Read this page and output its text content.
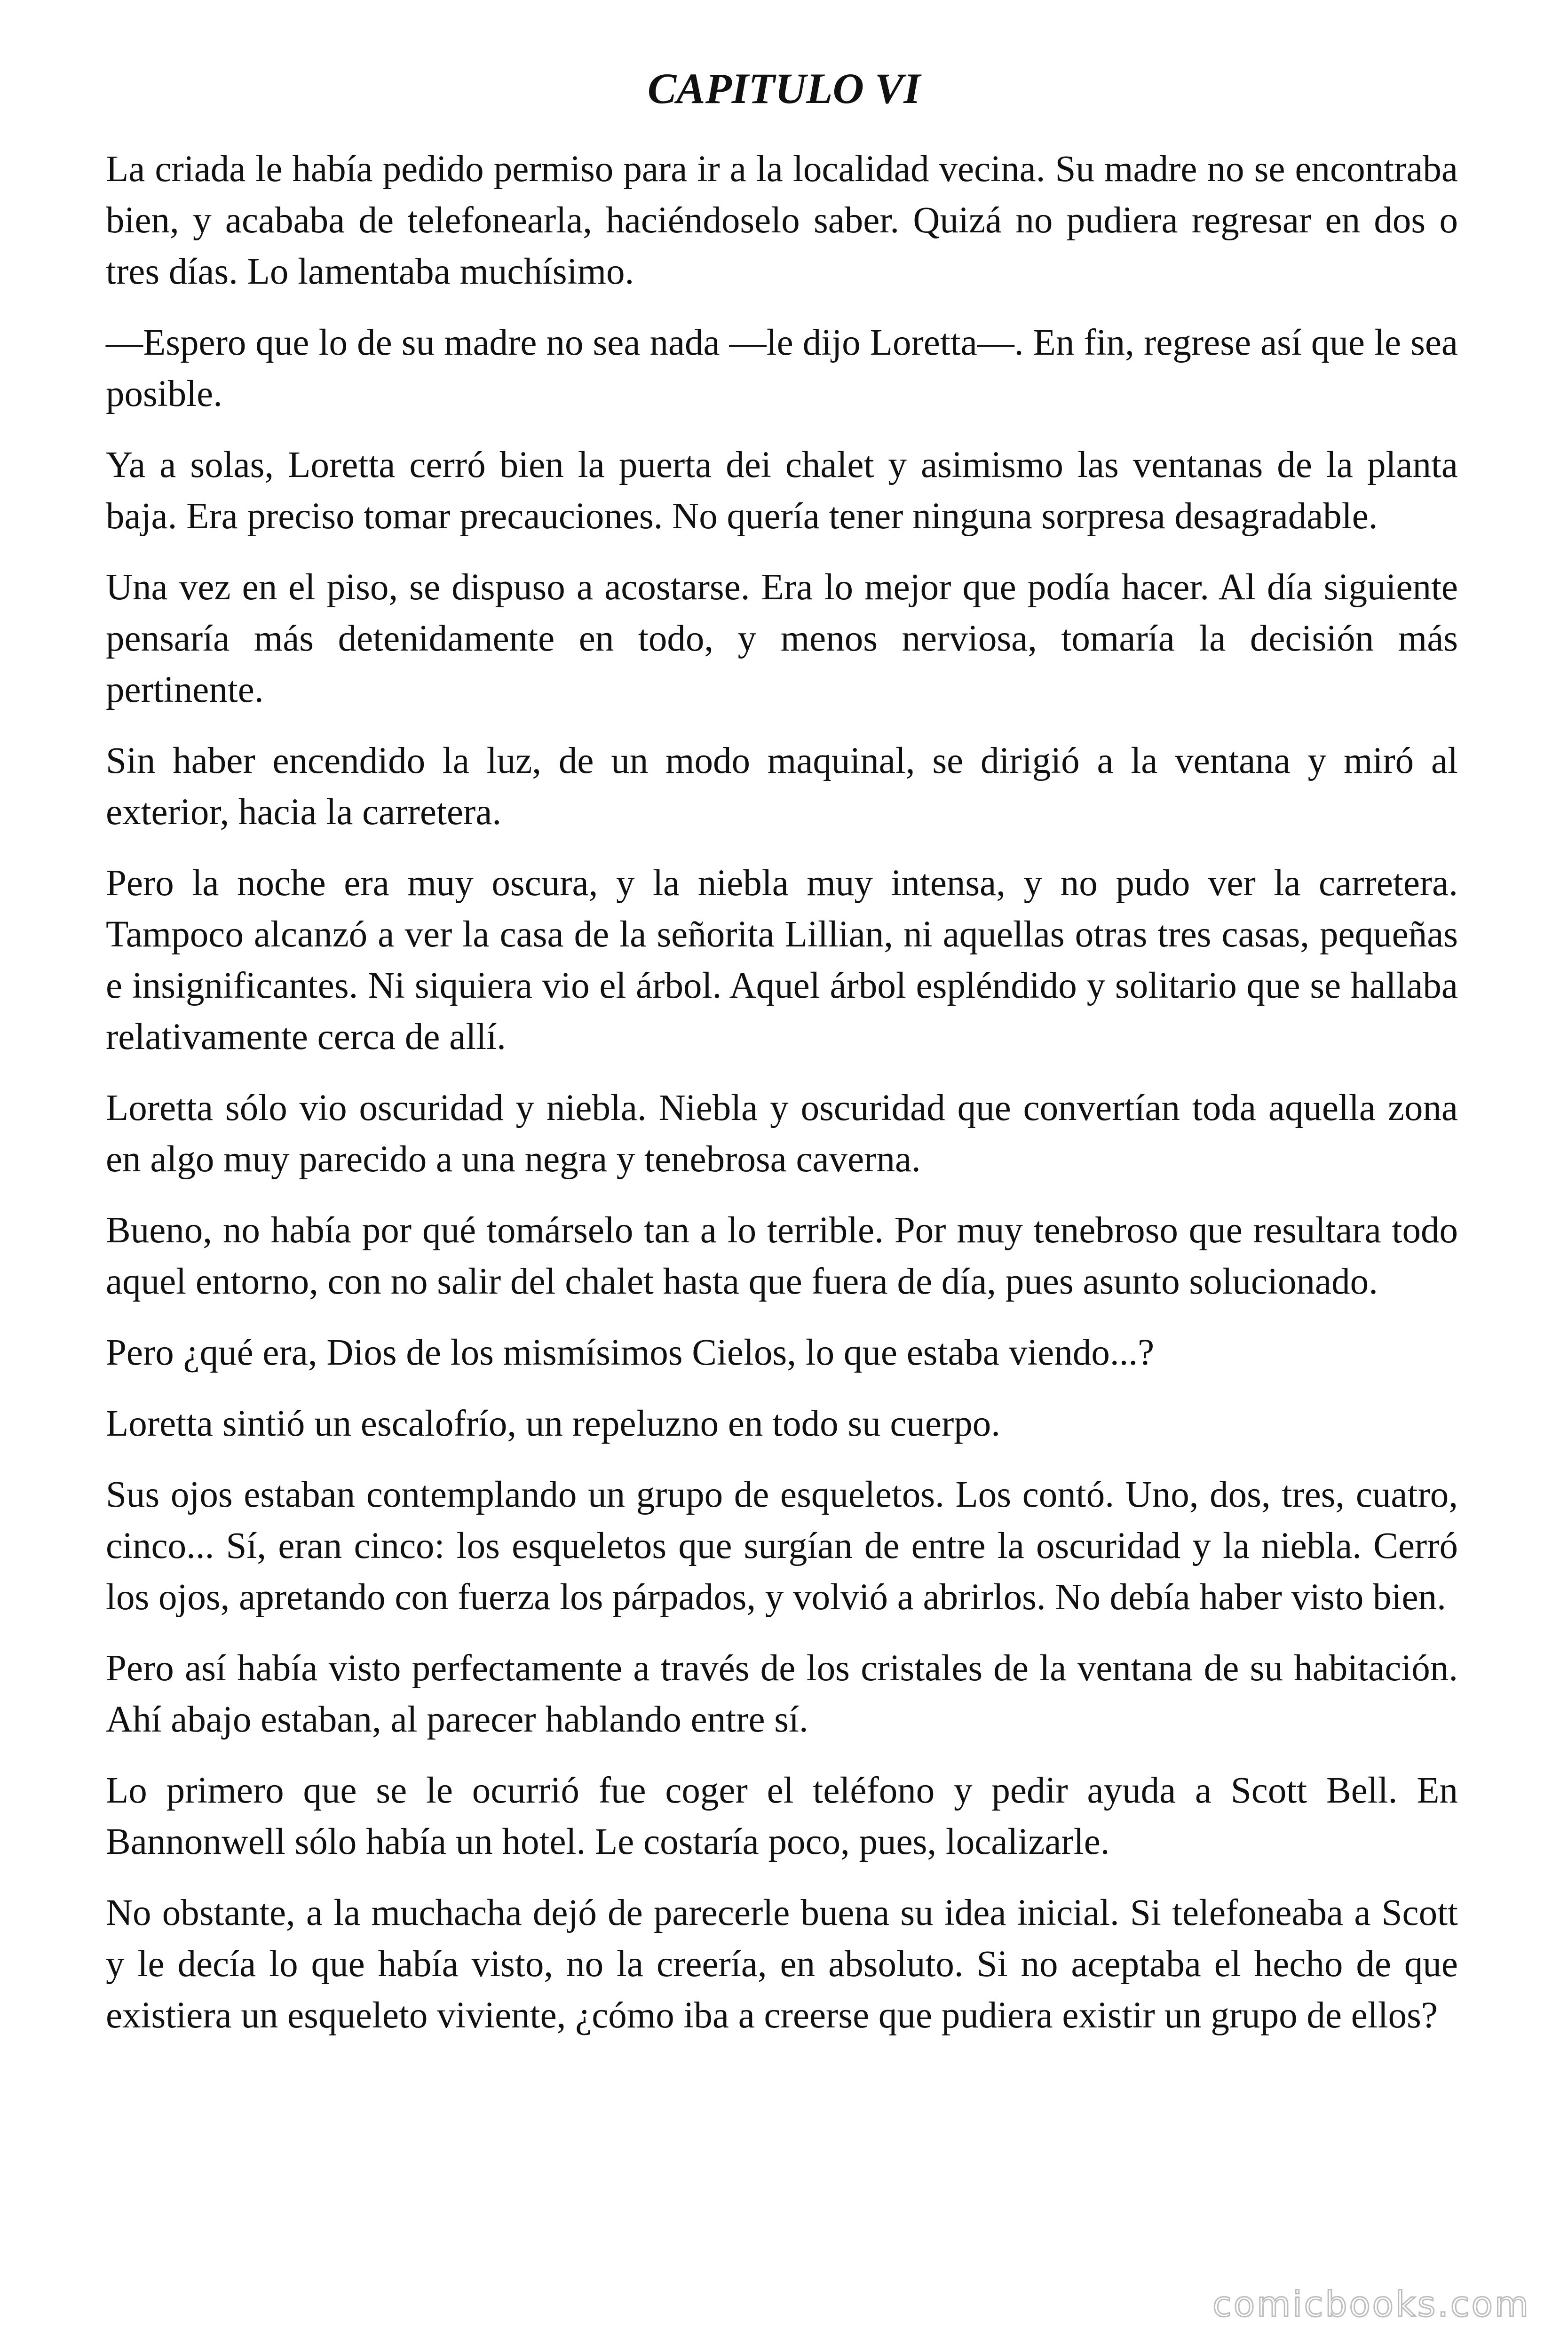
CAPITULO VI

La criada le había pedido permiso para ir a la localidad vecina. Su madre no se encontraba bien, y acababa de telefonearla, haciéndoselo saber. Quizá no pudiera regresar en dos o tres días. Lo lamentaba muchísimo.

—Espero que lo de su madre no sea nada —le dijo Loretta—. En fin, regrese así que le sea posible.

Ya a solas, Loretta cerró bien la puerta dei chalet y asimismo las ventanas de la planta baja. Era preciso tomar precauciones. No quería tener ninguna sorpresa desagradable.

Una vez en el piso, se dispuso a acostarse. Era lo mejor que podía hacer. Al día siguiente pensaría más detenidamente en todo, y menos nerviosa, tomaría la decisión más pertinente.

Sin haber encendido la luz, de un modo maquinal, se dirigió a la ventana y miró al exterior, hacia la carretera.

Pero la noche era muy oscura, y la niebla muy intensa, y no pudo ver la carretera. Tampoco alcanzó a ver la casa de la señorita Lillian, ni aquellas otras tres casas, pequeñas e insignificantes. Ni siquiera vio el árbol. Aquel árbol espléndido y solitario que se hallaba relativamente cerca de allí.

Loretta sólo vio oscuridad y niebla. Niebla y oscuridad que convertían toda aquella zona en algo muy parecido a una negra y tenebrosa caverna.

Bueno, no había por qué tomárselo tan a lo terrible. Por muy tenebroso que resultara todo aquel entorno, con no salir del chalet hasta que fuera de día, pues asunto solucionado.

Pero ¿qué era, Dios de los mismísimos Cielos, lo que estaba viendo...?

Loretta sintió un escalofrío, un repeluzno en todo su cuerpo.

Sus ojos estaban contemplando un grupo de esqueletos. Los contó. Uno, dos, tres, cuatro, cinco... Sí, eran cinco: los esqueletos que surgían de entre la oscuridad y la niebla. Cerró los ojos, apretando con fuerza los párpados, y volvió a abrirlos. No debía haber visto bien.

Pero así había visto perfectamente a través de los cristales de la ventana de su habitación. Ahí abajo estaban, al parecer hablando entre sí.

Lo primero que se le ocurrió fue coger el teléfono y pedir ayuda a Scott Bell. En Bannonwell sólo había un hotel. Le costaría poco, pues, localizarle.

No obstante, a la muchacha dejó de parecerle buena su idea inicial. Si telefoneaba a Scott y le decía lo que había visto, no la creería, en absoluto. Si no aceptaba el hecho de que existiera un esqueleto viviente, ¿cómo iba a creerse que pudiera existir un grupo de ellos?

comicbooks.com
